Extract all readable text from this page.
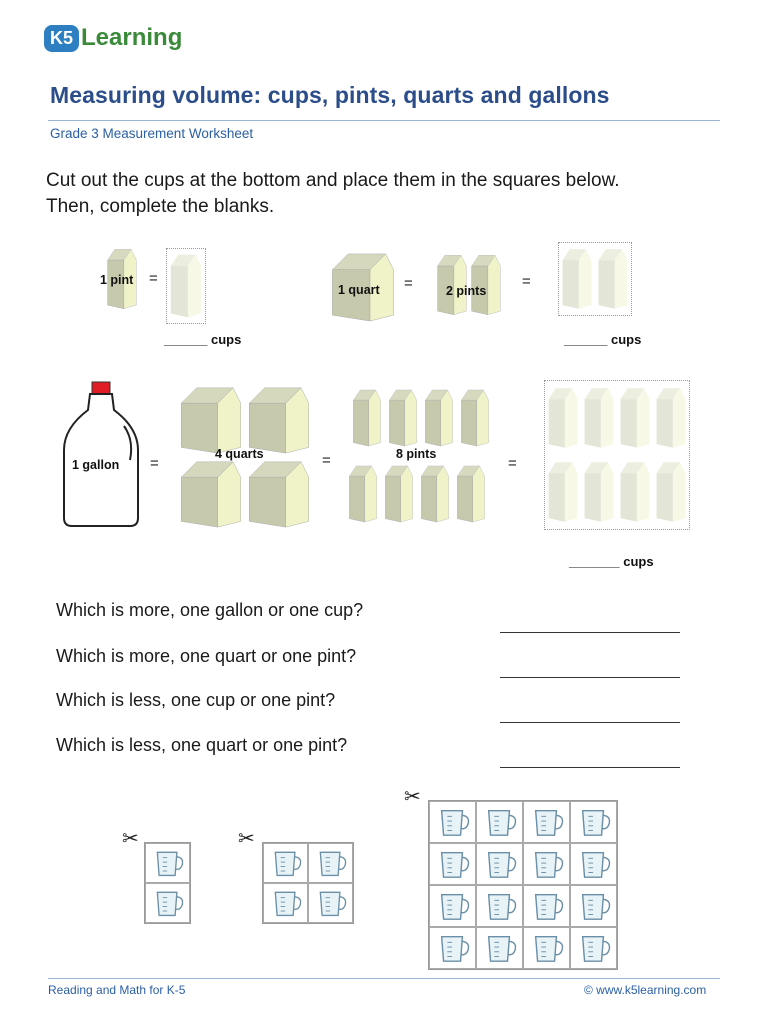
K5 Learning
Measuring volume: cups, pints, quarts and gallons
Grade 3 Measurement Worksheet
Cut out the cups at the bottom and place them in the squares below.
Then, complete the blanks.
1 pint =
______ cups
1 quart =	2 pints
=
______ cups
1 gallon =
4 quarts	=	8 pints
=
_______ cups
Which is more, one gallon or one cup?
Which is more, one quart or one pint?
Which is less, one cup or one pint?
Which is less, one quart or one pint?
✂	✂
✂
Reading and Math for K-5	© www.k5learning.com
